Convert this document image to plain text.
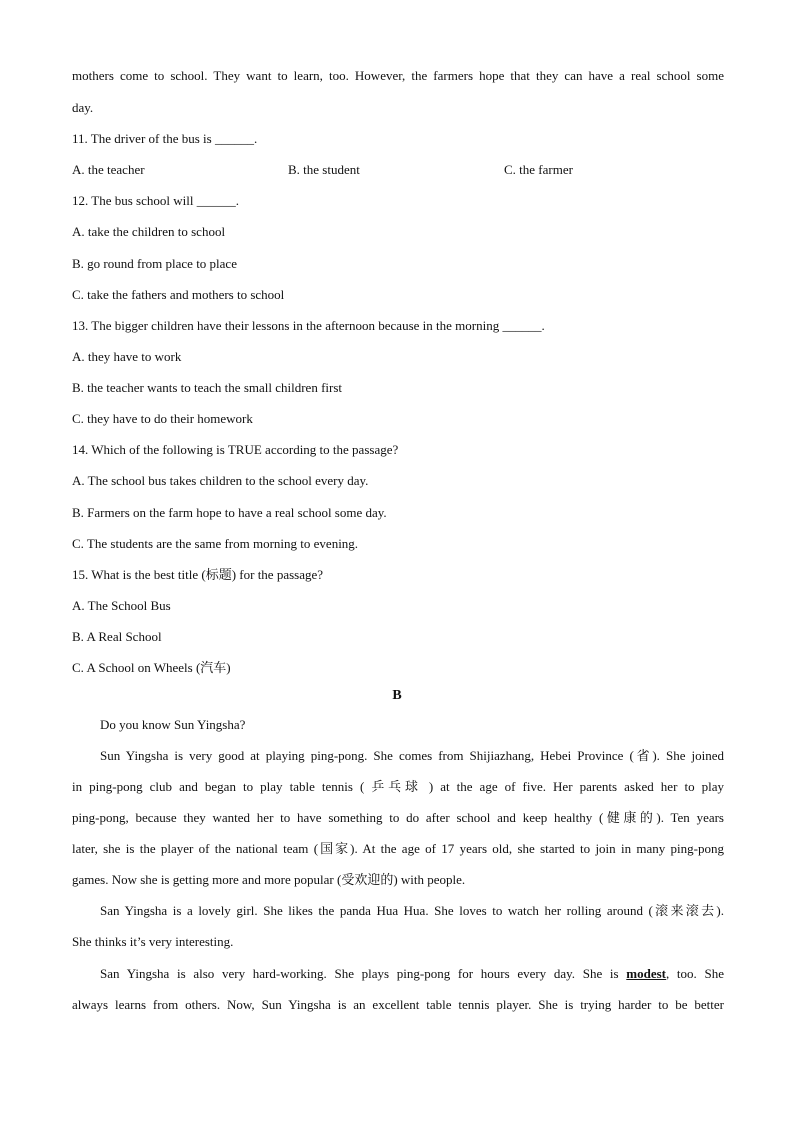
mothers come to school. They want to learn, too. However, the farmers hope that they can have a real school some
day.
11. The driver of the bus is ______.
A. the teacher	B. the student	C. the farmer
12. The bus school will ______.
A. take the children to school
B. go round from place to place
C. take the fathers and mothers to school
13. The bigger children have their lessons in the afternoon because in the morning ______.
A. they have to work
B. the teacher wants to teach the small children first
C. they have to do their homework
14. Which of the following is TRUE according to the passage?
A. The school bus takes children to the school every day.
B. Farmers on the farm hope to have a real school some day.
C. The students are the same from morning to evening.
15. What is the best title (标题) for the passage?
A. The School Bus
B. A Real School
C. A School on Wheels (汽车)
B
Do you know Sun Yingsha?
Sun Yingsha is very good at playing ping-pong. She comes from Shijiazhang, Hebei Province (省). She joined
in ping-pong club and began to play table tennis ( 乒乓球 ) at the age of five. Her parents asked her to play
ping-pong, because they wanted her to have something to do after school and keep healthy (健康的). Ten years
later, she is the player of the national team (国家). At the age of 17 years old, she started to join in many ping-pong
games. Now she is getting more and more popular (受欢迎的) with people.
San Yingsha is a lovely girl. She likes the panda Hua Hua. She loves to watch her rolling around (滚来滚去).
She thinks it’s very interesting.
San Yingsha is also very hard-working. She plays ping-pong for hours every day. She is modest, too. She
always learns from others. Now, Sun Yingsha is an excellent table tennis player. She is trying harder to be better
